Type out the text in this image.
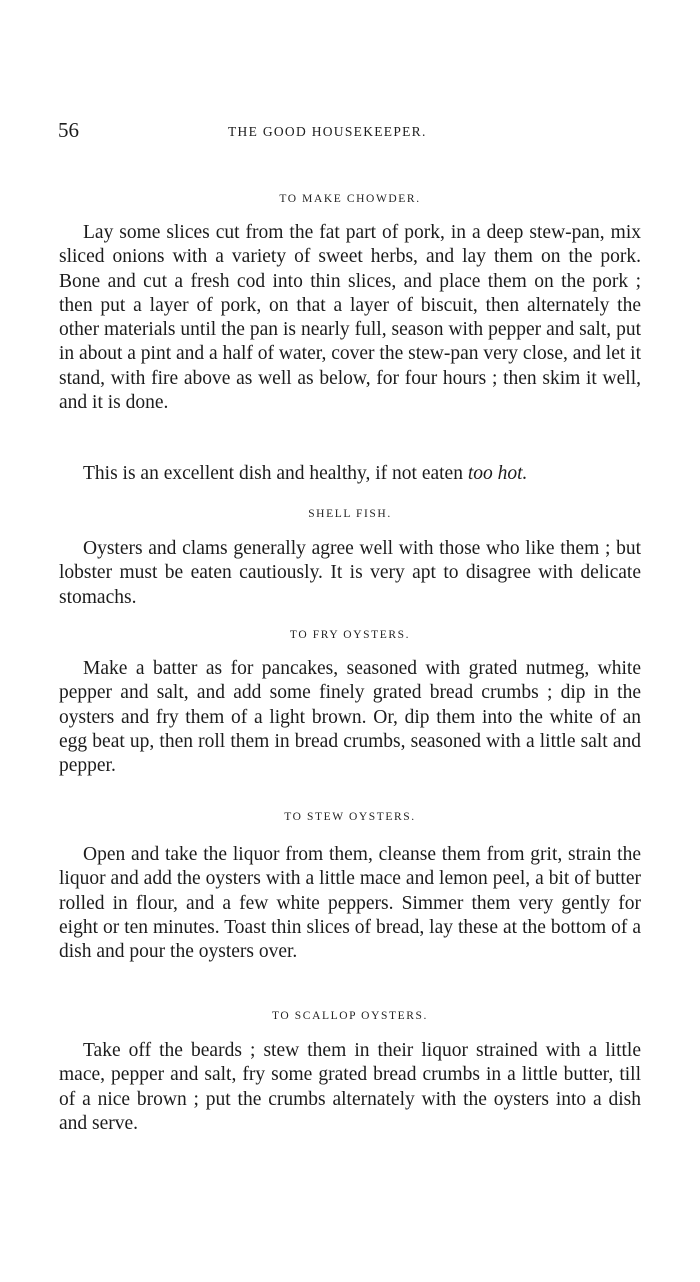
56	THE GOOD HOUSEKEEPER.
TO MAKE CHOWDER.

Lay some slices cut from the fat part of pork, in a deep stew-pan, mix sliced onions with a variety of sweet herbs, and lay them on the pork. Bone and cut a fresh cod into thin slices, and place them on the pork ; then put a layer of pork, on that a layer of biscuit, then alternately the other materials until the pan is nearly full, season with pepper and salt, put in about a pint and a half of water, cover the stew-pan very close, and let it stand, with fire above as well as below, for four hours ; then skim it well, and it is done.

This is an excellent dish and healthy, if not eaten too hot.

SHELL FISH.

Oysters and clams generally agree well with those who like them ; but lobster must be eaten cautiously. It is very apt to disagree with delicate stomachs.

TO FRY OYSTERS.

Make a batter as for pancakes, seasoned with grated nutmeg, white pepper and salt, and add some finely grated bread crumbs ; dip in the oysters and fry them of a light brown. Or, dip them into the white of an egg beat up, then roll them in bread crumbs, seasoned with a little salt and pepper.

TO STEW OYSTERS.

Open and take the liquor from them, cleanse them from grit, strain the liquor and add the oysters with a little mace and lemon peel, a bit of butter rolled in flour, and a few white peppers. Simmer them very gently for eight or ten minutes. Toast thin slices of bread, lay these at the bottom of a dish and pour the oysters over.

TO SCALLOP OYSTERS.

Take off the beards ; stew them in their liquor strained with a little mace, pepper and salt, fry some grated bread crumbs in a little butter, till of a nice brown ; put the crumbs alternately with the oysters into a dish and serve.
